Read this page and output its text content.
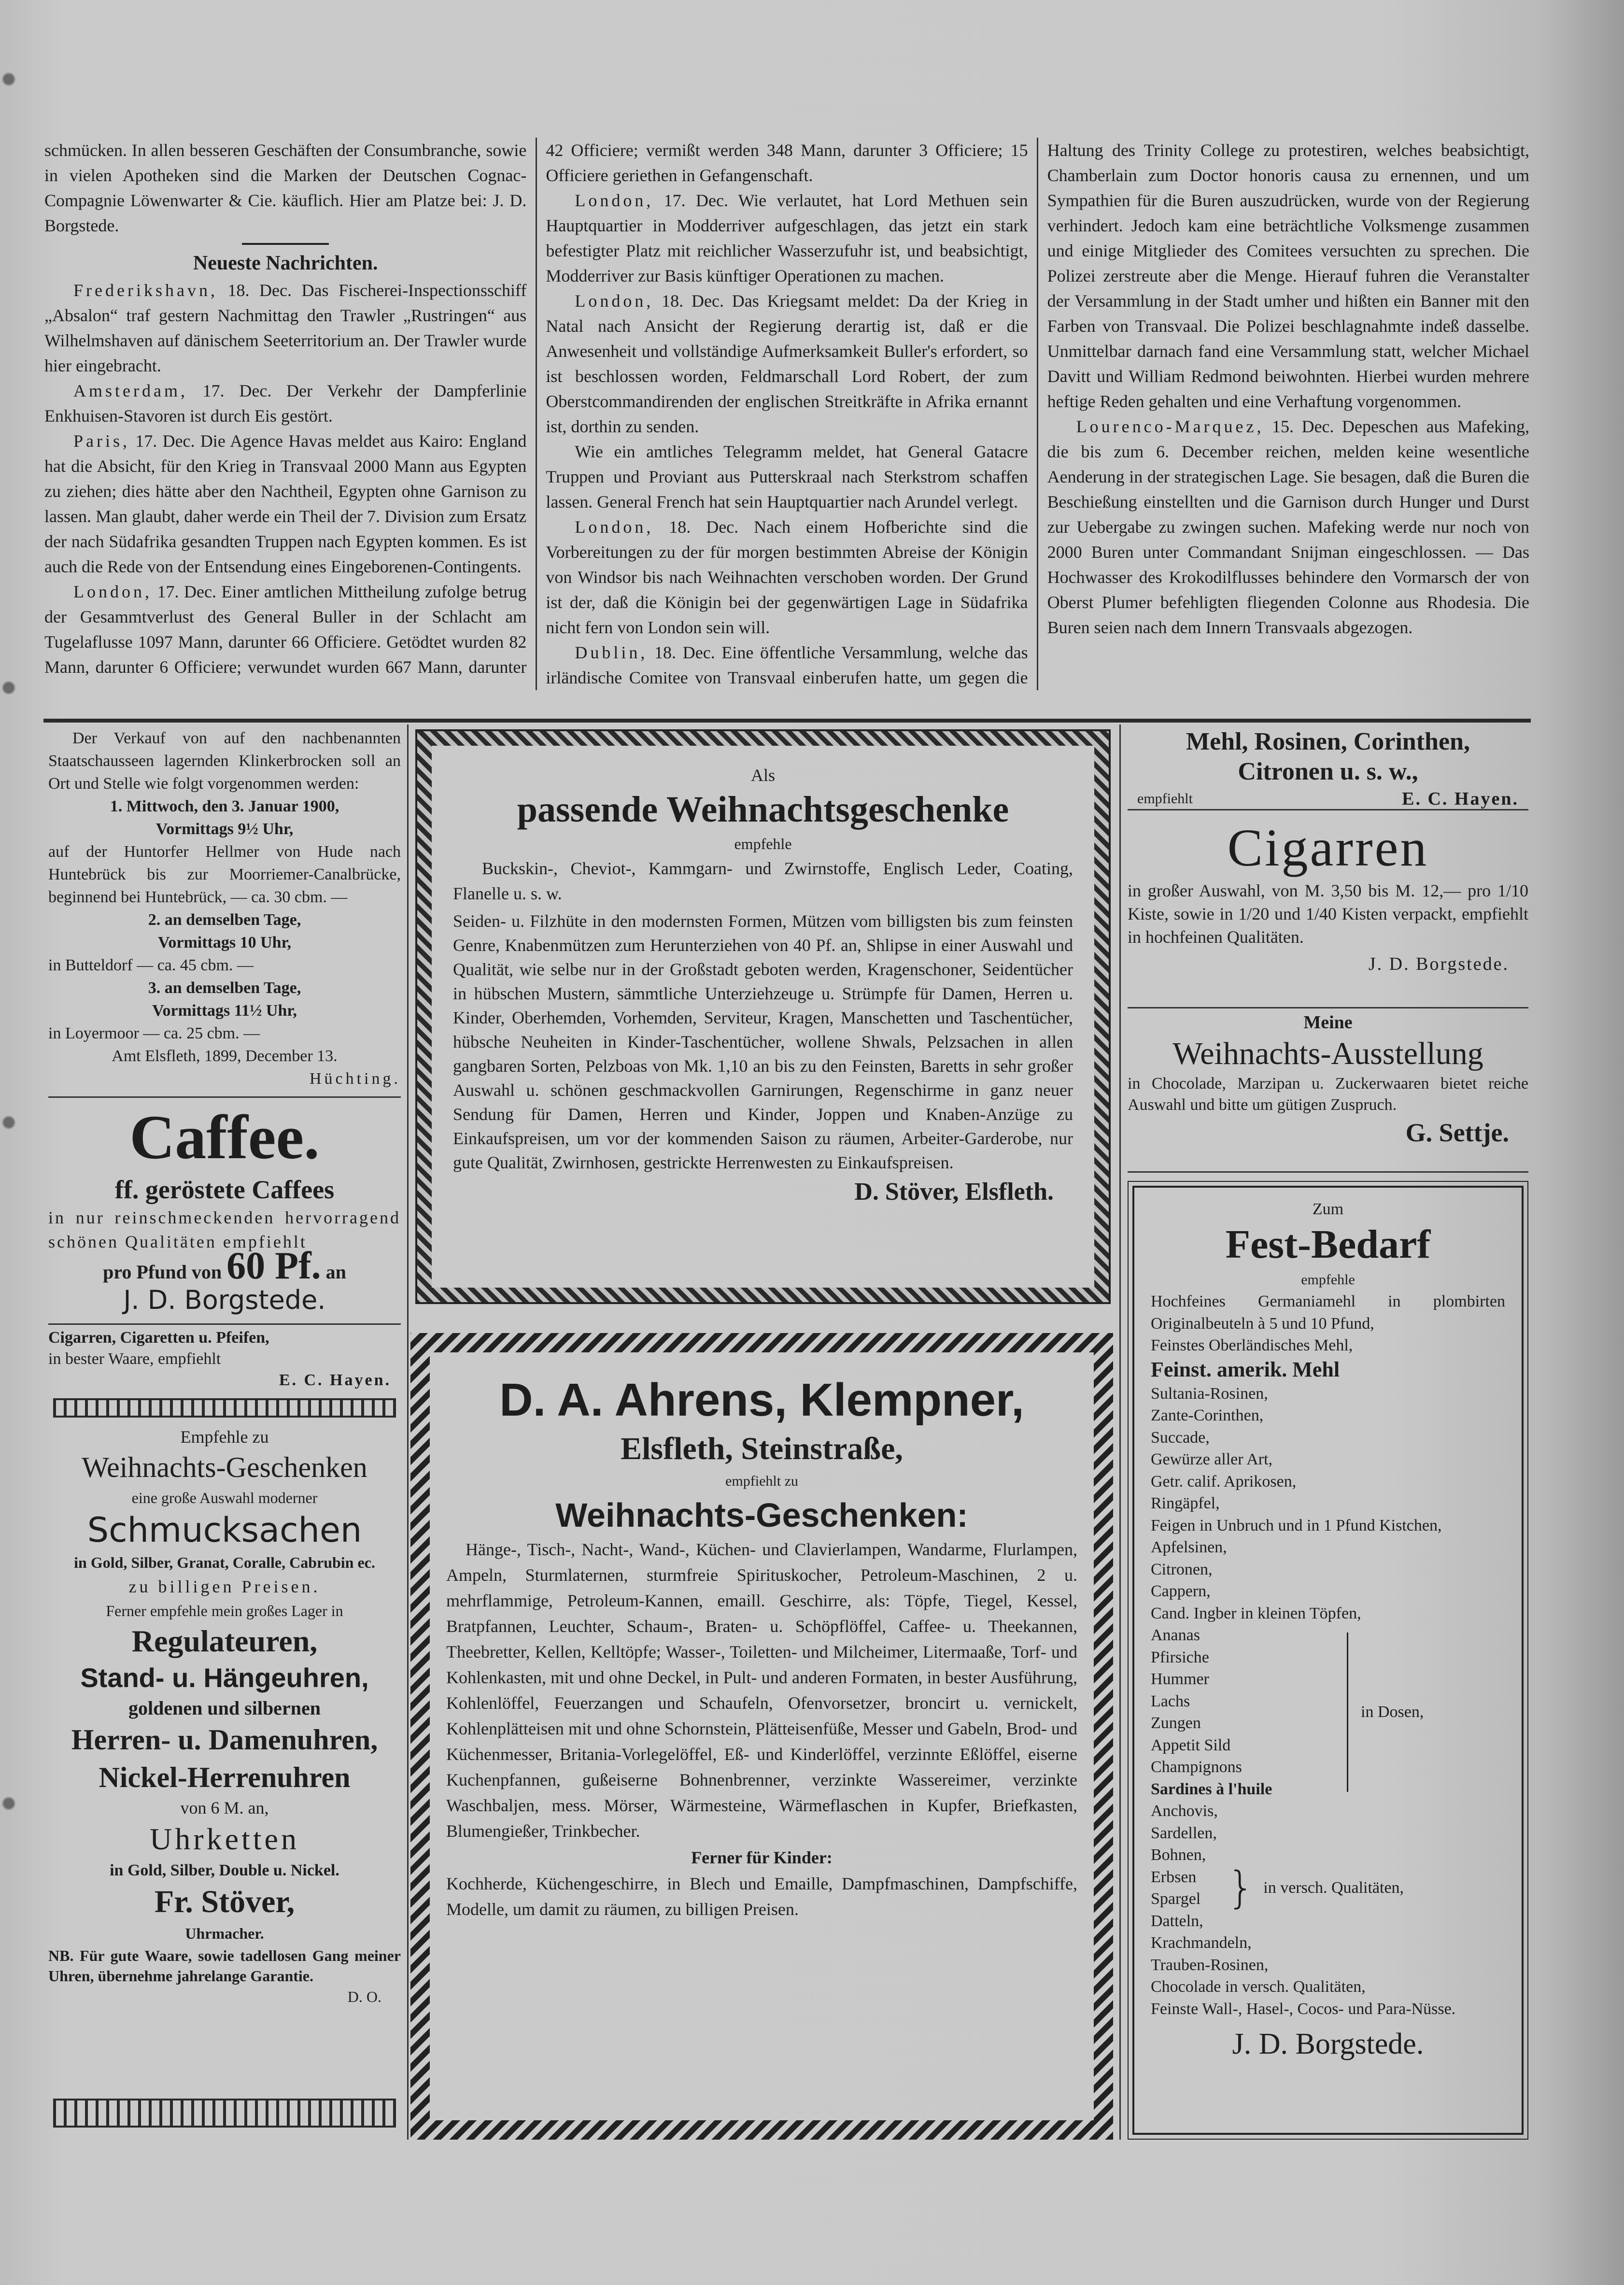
schmücken. In allen besseren Geschäften der Consumbranche, sowie in vielen Apotheken sind die Marken der Deutschen Cognac-Compagnie Löwenwarter & Cie. käuflich. Hier am Platze bei: J. D. Borgstede.

Neueste Nachrichten.

Frederikshavn, 18. Dec. Das Fischerei-Inspectionsschiff „Absalon“ traf gestern Nachmittag den Trawler „Rustringen“ aus Wilhelmshaven auf dänischem Seeterritorium an. Der Trawler wurde hier eingebracht.

Amsterdam, 17. Dec. Der Verkehr der Dampferlinie Enkhuisen-Stavoren ist durch Eis gestört.

Paris, 17. Dec. Die Agence Havas meldet aus Kairo: England hat die Absicht, für den Krieg in Transvaal 2000 Mann aus Egypten zu ziehen; dies hätte aber den Nachtheil, Egypten ohne Garnison zu lassen. Man glaubt, daher werde ein Theil der 7. Division zum Ersatz der nach Südafrika gesandten Truppen nach Egypten kommen. Es ist auch die Rede von der Entsendung eines Eingeborenen-Contingents.

London, 17. Dec. Einer amtlichen Mittheilung zufolge betrug der Gesammtverlust des General Buller in der Schlacht am Tugelaflusse 1097 Mann, darunter 66 Officiere. Getödtet wurden 82 Mann, darunter 6 Officiere; verwundet wurden 667 Mann, darunter 42 Officiere; vermißt werden 348 Mann, darunter 3 Officiere; 15 Officiere geriethen in Gefangenschaft.

London, 17. Dec. Wie verlautet, hat Lord Methuen sein Hauptquartier in Modderriver aufgeschlagen, das jetzt ein stark befestigter Platz mit reichlicher Wasserzufuhr ist, und beabsichtigt, Modderriver zur Basis künftiger Operationen zu machen.

London, 18. Dec. Das Kriegsamt meldet: Da der Krieg in Natal nach Ansicht der Regierung derartig ist, daß er die Anwesenheit und vollständige Aufmerksamkeit Buller's erfordert, so ist beschlossen worden, Feldmarschall Lord Robert, der zum Oberstcommandirenden der englischen Streitkräfte in Afrika ernannt ist, dorthin zu senden.

Wie ein amtliches Telegramm meldet, hat General Gatacre Truppen und Proviant aus Putterskraal nach Sterkstrom schaffen lassen. General French hat sein Hauptquartier nach Arundel verlegt.

London, 18. Dec. Nach einem Hofberichte sind die Vorbereitungen zu der für morgen bestimmten Abreise der Königin von Windsor bis nach Weihnachten verschoben worden. Der Grund ist der, daß die Königin bei der gegenwärtigen Lage in Südafrika nicht fern von London sein will.

Dublin, 18. Dec. Eine öffentliche Versammlung, welche das irländische Comitee von Transvaal einberufen hatte, um gegen die Haltung des Trinity College zu protestiren, welches beabsichtigt, Chamberlain zum Doctor honoris causa zu ernennen, und um Sympathien für die Buren auszudrücken, wurde von der Regierung verhindert. Jedoch kam eine beträchtliche Volksmenge zusammen und einige Mitglieder des Comitees versuchten zu sprechen. Die Polizei zerstreute aber die Menge. Hierauf fuhren die Veranstalter der Versammlung in der Stadt umher und hißten ein Banner mit den Farben von Transvaal. Die Polizei beschlagnahmte indeß dasselbe. Unmittelbar darnach fand eine Versammlung statt, welcher Michael Davitt und William Redmond beiwohnten. Hierbei wurden mehrere heftige Reden gehalten und eine Verhaftung vorgenommen.

Lourenco-Marquez, 15. Dec. Depeschen aus Mafeking, die bis zum 6. December reichen, melden keine wesentliche Aenderung in der strategischen Lage. Sie besagen, daß die Buren die Beschießung einstellten und die Garnison durch Hunger und Durst zur Uebergabe zu zwingen suchen. Mafeking werde nur noch von 2000 Buren unter Commandant Snijman eingeschlossen. — Das Hochwasser des Krokodilflusses behindere den Vormarsch der von Oberst Plumer befehligten fliegenden Colonne aus Rhodesia. Die Buren seien nach dem Innern Transvaals abgezogen.

Der Verkauf von auf den nachbenannten Staatschausseen lagernden Klinkerbrocken soll an Ort und Stelle wie folgt vorgenommen werden:
1. Mittwoch, den 3. Januar 1900,
Vormittags 9½ Uhr,
auf der Huntorfer Hellmer von Hude nach Huntebrück bis zur Moorriemer-Canalbrücke, beginnend bei Huntebrück, — ca. 30 cbm. —
2. an demselben Tage,
Vormittags 10 Uhr,
in Butteldorf — ca. 45 cbm. —
3. an demselben Tage,
Vormittags 11½ Uhr,
in Loyermoor — ca. 25 cbm. —
Amt Elsfleth, 1899, December 13.
Hüchting.
Caffee.
ff. geröstete Caffees
in nur reinschmeckenden hervorragend schönen Qualitäten empfiehlt
pro Pfund von 60 Pf. an
J. D. Borgstede.
Cigarren, Cigaretten u. Pfeifen,
in bester Waare, empfiehlt
E. C. Hayen.
Empfehle zu
Weihnachts-Geschenken
eine große Auswahl moderner
Schmucksachen
in Gold, Silber, Granat, Coralle, Cabrubin ec.
zu billigen Preisen.
Ferner empfehle mein großes Lager in
Regulateuren,
Stand- u. Hängeuhren,
goldenen und silbernen
Herren- u. Damenuhren,
Nickel-Herrenuhren
von 6 M. an,
Uhrketten
in Gold, Silber, Double u. Nickel.
Fr. Stöver,
Uhrmacher.
NB. Für gute Waare, sowie tadellosen Gang meiner Uhren, übernehme jahrelange Garantie.
D. O.
Als
passende Weihnachtsgeschenke
empfehle
Buckskin-, Cheviot-, Kammgarn- und Zwirnstoffe, Englisch Leder, Coating, Flanelle u. s. w.
Seiden- u. Filzhüte in den modernsten Formen, Mützen vom billigsten bis zum feinsten Genre, Knabenmützen zum Herunterziehen von 40 Pf. an, Shlipse in einer Auswahl und Qualität, wie selbe nur in der Großstadt geboten werden, Kragenschoner, Seidentücher in hübschen Mustern, sämmtliche Unterziehzeuge u. Strümpfe für Damen, Herren u. Kinder, Oberhemden, Vorhemden, Serviteur, Kragen, Manschetten und Taschentücher, hübsche Neuheiten in Kinder-Taschentücher, wollene Shwals, Pelzsachen in allen gangbaren Sorten, Pelzboas von Mk. 1,10 an bis zu den Feinsten, Baretts in sehr großer Auswahl u. schönen geschmackvollen Garnirungen, Regenschirme in ganz neuer Sendung für Damen, Herren und Kinder, Joppen und Knaben-Anzüge zu Einkaufspreisen, um vor der kommenden Saison zu räumen, Arbeiter-Garderobe, nur gute Qualität, Zwirnhosen, gestrickte Herrenwesten zu Einkaufspreisen.
D. Stöver, Elsfleth.
D. A. Ahrens, Klempner,
Elsfleth, Steinstraße,
empfiehlt zu
Weihnachts-Geschenken:
Hänge-, Tisch-, Nacht-, Wand-, Küchen- und Clavierlampen, Wandarme, Flurlampen, Ampeln, Sturmlaternen, sturmfreie Spirituskocher, Petroleum-Maschinen, 2 u. mehrflammige, Petroleum-Kannen, emaill. Geschirre, als: Töpfe, Tiegel, Kessel, Bratpfannen, Leuchter, Schaum-, Braten- u. Schöpflöffel, Caffee- u. Theekannen, Theebretter, Kellen, Kelltöpfe; Wasser-, Toiletten- und Milcheimer, Litermaaße, Torf- und Kohlenkasten, mit und ohne Deckel, in Pult- und anderen Formaten, in bester Ausführung, Kohlenlöffel, Feuerzangen und Schaufeln, Ofenvorsetzer, broncirt u. vernickelt, Kohlenplätteisen mit und ohne Schornstein, Plätteisenfüße, Messer und Gabeln, Brod- und Küchenmesser, Britania-Vorlegelöffel, Eß- und Kinderlöffel, verzinnte Eßlöffel, eiserne Kuchenpfannen, gußeiserne Bohnenbrenner, verzinkte Wassereimer, verzinkte Waschbaljen, mess. Mörser, Wärmesteine, Wärmeflaschen in Kupfer, Briefkasten, Blumengießer, Trinkbecher.
Ferner für Kinder:
Kochherde, Küchengeschirre, in Blech und Emaille, Dampfmaschinen, Dampfschiffe, Modelle, um damit zu räumen, zu billigen Preisen.
Mehl, Rosinen, Corinthen,
Citronen u. s. w.,
empfiehlt	E. C. Hayen.
Cigarren
in großer Auswahl, von M. 3,50 bis M. 12,— pro 1/10 Kiste, sowie in 1/20 und 1/40 Kisten verpackt, empfiehlt in hochfeinen Qualitäten.
J. D. Borgstede.
Meine
Weihnachts-Ausstellung
in Chocolade, Marzipan u. Zuckerwaaren bietet reiche Auswahl und bitte um gütigen Zuspruch.
G. Settje.
Zum
Fest-Bedarf
empfehle
Hochfeines Germaniamehl in plombirten Originalbeuteln à 5 und 10 Pfund,
Feinstes Oberländisches Mehl,
Feinst. amerik. Mehl
Sultania-Rosinen,
Zante-Corinthen,
Succade,
Gewürze aller Art,
Getr. calif. Aprikosen,
Ringäpfel,
Feigen in Unbruch und in 1 Pfund Kistchen,
Apfelsinen,
Citronen,
Cappern,
Cand. Ingber in kleinen Töpfen,
Ananas
Pfirsiche
Hummer
Lachs
Zungen
Appetit Sild
Champignons
Sardines à l'huile
in Dosen,
Anchovis,
Sardellen,
Bohnen,
Erbsen
Spargel } in versch. Qualitäten,
Datteln,
Krachmandeln,
Trauben-Rosinen,
Chocolade in versch. Qualitäten,
Feinste Wall-, Hasel-, Cocos- und Para-Nüsse.
J. D. Borgstede.
